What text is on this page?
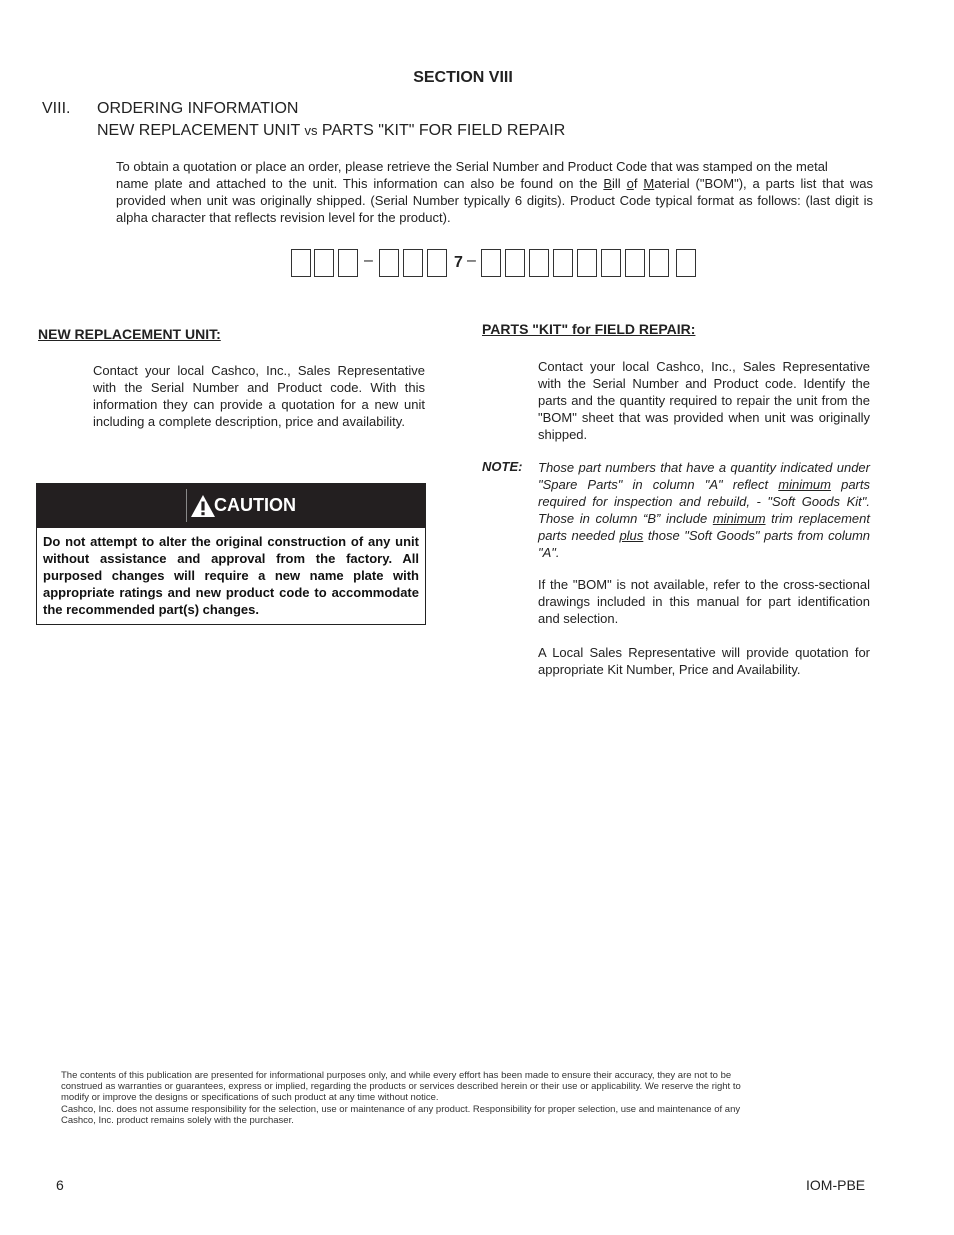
SECTION VIII
VIII. ORDERING INFORMATION
NEW REPLACEMENT UNIT vs PARTS "KIT" FOR FIELD REPAIR
To obtain a quotation or place an order, please retrieve the Serial Number and Product Code that was stamped on the metal
name plate and attached to the unit. This information can also be found on the Bill of Material ("BOM"), a parts list that was provided when unit was originally shipped. (Serial Number typically 6 digits). Product Code typical format as follows: (last digit is alpha character that reflects revision level for the product).
–	7 –
NEW REPLACEMENT UNIT:
Contact your local Cashco, Inc., Sales Representative with the Serial Number and Product code. With this information they can provide a quotation for a new unit including a complete description, price and availability.
CAUTION
Do not attempt to alter the original construction of any unit without assistance and approval from the factory. All purposed changes will require a new name plate with appropriate ratings and new product code to accommodate the recommended part(s) changes.
PARTS "KIT" for FIELD REPAIR:
Contact your local Cashco, Inc., Sales Representative with the Serial Number and Product code. Identify the parts and the quantity required to repair the unit from the "BOM" sheet that was provided when unit was originally shipped.
NOTE: Those part numbers that have a quantity indicated under "Spare Parts" in column "A" reflect minimum parts required for inspection and rebuild, - "Soft Goods Kit". Those in column “B” include minimum trim replacement parts needed plus those "Soft Goods" parts from column "A".
If the "BOM" is not available, refer to the cross-sectional drawings included in this manual for part identification and selection.
A Local Sales Representative will provide quotation for appropriate Kit Number, Price and Availability.
The contents of this publication are presented for informational purposes only, and while every effort has been made to ensure their accuracy, they are not to be
construed as warranties or guarantees, express or implied, regarding the products or services described herein or their use or applicability. We reserve the right to
modify or improve the designs or specifications of such product at any time without notice.
Cashco, Inc. does not assume responsibility for the selection, use or maintenance of any product. Responsibility for proper selection, use and maintenance of any
Cashco, Inc. product remains solely with the purchaser.
6	IOM-PBE
